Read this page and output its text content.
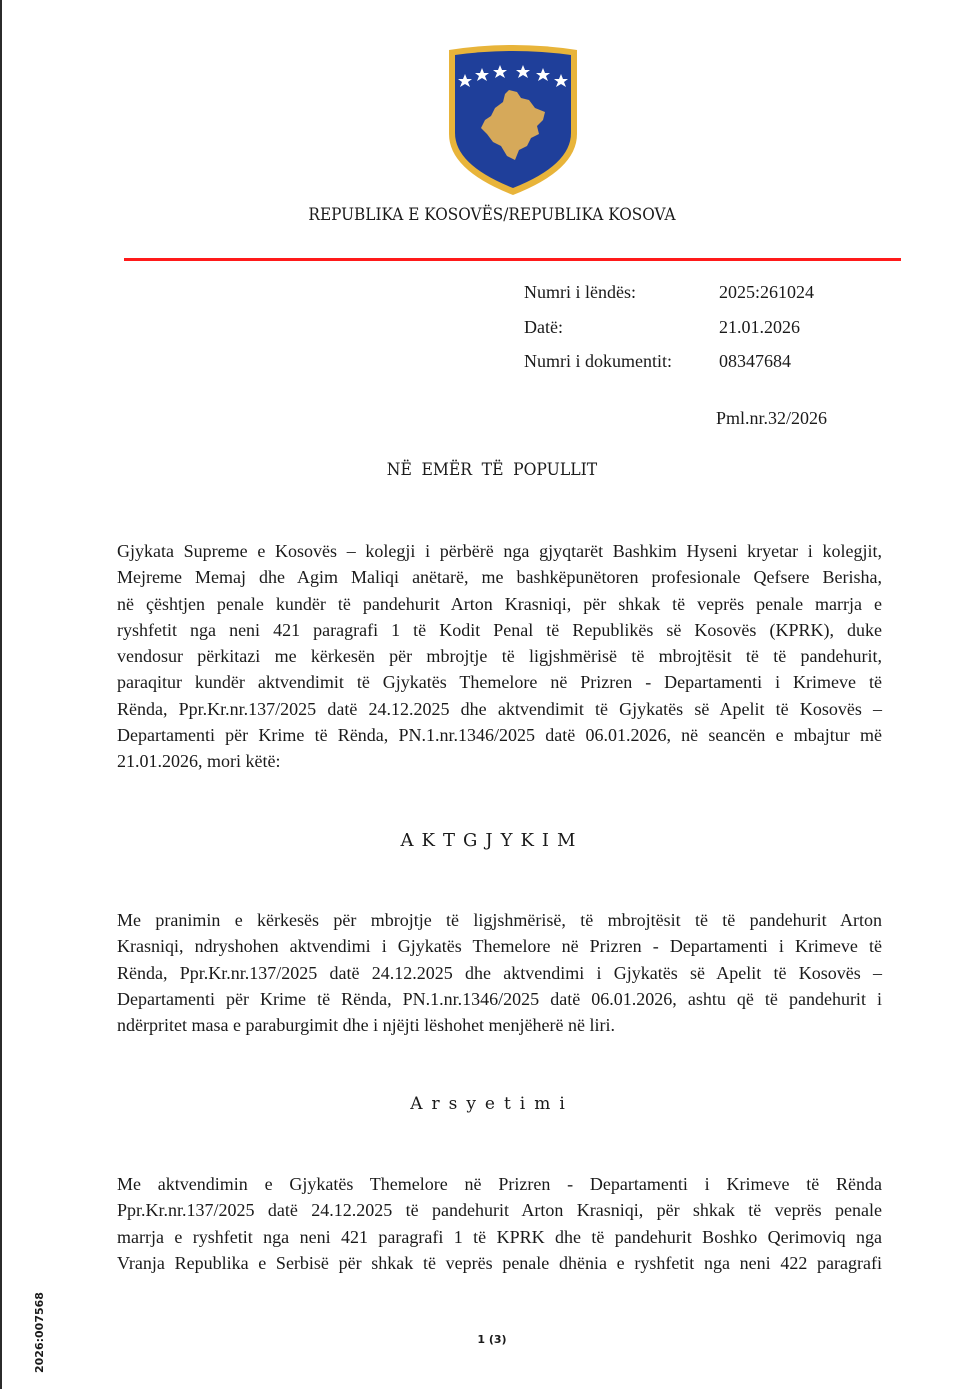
REPUBLIKA E KOSOVËS/REPUBLIKA KOSOVA
Numri i lëndës:	2025:261024
Datë:	21.01.2026
Numri i dokumentit:	08347684
Pml.nr.32/2026
NË EMËR TË POPULLIT
Gjykata Supreme e Kosovës – kolegji i përbërë nga gjyqtarët Bashkim Hyseni kryetar i kolegjit,
Mejreme Memaj dhe Agim Maliqi anëtarë, me bashkëpunëtoren profesionale Qefsere Berisha,
në çështjen penale kundër të pandehurit Arton Krasniqi, për shkak të veprës penale marrja e
ryshfetit nga neni 421 paragrafi 1 të Kodit Penal të Republikës së Kosovës (KPRK), duke
vendosur përkitazi me kërkesën për mbrojtje të ligjshmërisë të mbrojtësit të të pandehurit,
paraqitur kundër aktvendimit të Gjykatës Themelore në Prizren - Departamenti i Krimeve të
Rënda, Ppr.Kr.nr.137/2025 datë 24.12.2025 dhe aktvendimit të Gjykatës së Apelit të Kosovës –
Departamenti për Krime të Rënda, PN.1.nr.1346/2025 datë 06.01.2026, në seancën e mbajtur më
21.01.2026, mori këtë:
AKTGJYKIM
Me pranimin e kërkesës për mbrojtje të ligjshmërisë, të mbrojtësit të të pandehurit Arton
Krasniqi, ndryshohen aktvendimi i Gjykatës Themelore në Prizren - Departamenti i Krimeve të
Rënda, Ppr.Kr.nr.137/2025 datë 24.12.2025 dhe aktvendimi i Gjykatës së Apelit të Kosovës –
Departamenti për Krime të Rënda, PN.1.nr.1346/2025 datë 06.01.2026, ashtu që të pandehurit i
ndërpritet masa e paraburgimit dhe i njëjti lëshohet menjëherë në liri.
Arsyetimi
Me aktvendimin e Gjykatës Themelore në Prizren - Departamenti i Krimeve të Rënda
Ppr.Kr.nr.137/2025 datë 24.12.2025 të pandehurit Arton Krasniqi, për shkak të veprës penale
marrja e ryshfetit nga neni 421 paragrafi 1 të KPRK dhe të pandehurit Boshko Qerimoviq nga
Vranja Republika e Serbisë për shkak të veprës penale dhënia e ryshfetit nga neni 422 paragrafi
2026:007568	1 (3)
